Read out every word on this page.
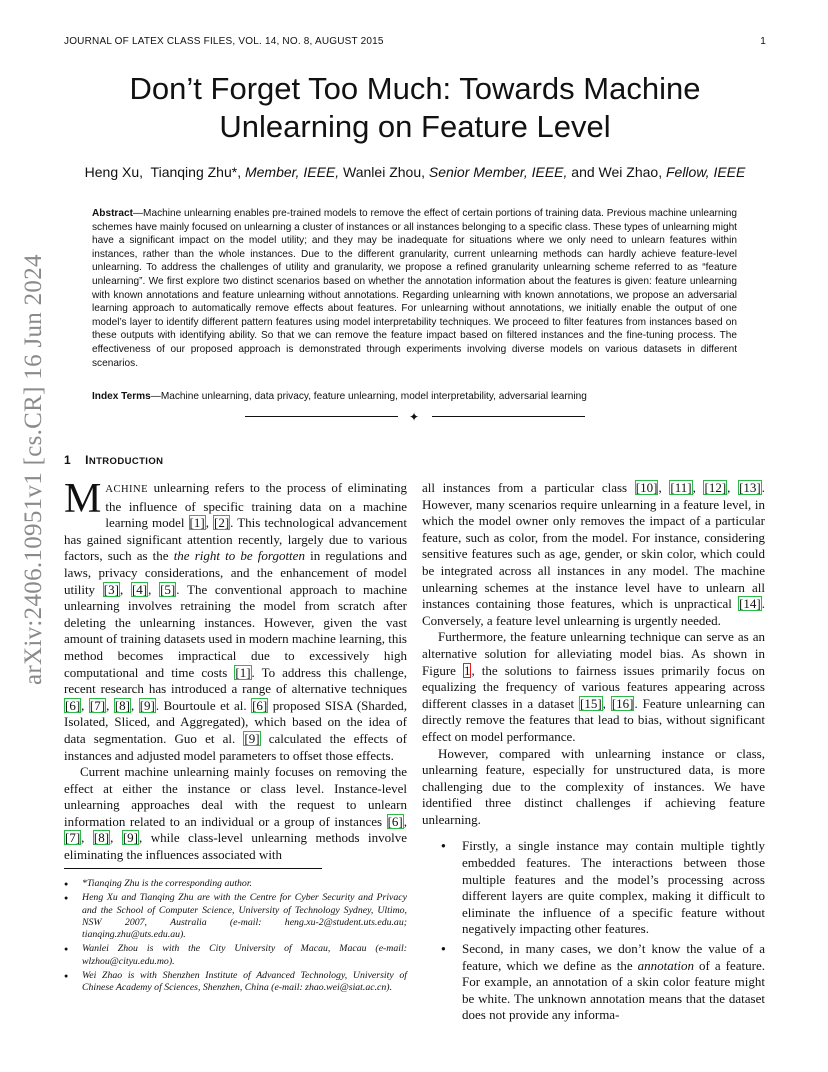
JOURNAL OF LATEX CLASS FILES, VOL. 14, NO. 8, AUGUST 2015	1
arXiv:2406.10951v1 [cs.CR] 16 Jun 2024
Don’t Forget Too Much: Towards Machine Unlearning on Feature Level
Heng Xu, Tianqing Zhu*, Member, IEEE, Wanlei Zhou, Senior Member, IEEE, and Wei Zhao, Fellow, IEEE

Abstract—Machine unlearning enables pre-trained models to remove the effect of certain portions of training data. Previous machine unlearning schemes have mainly focused on unlearning a cluster of instances or all instances belonging to a specific class. These types of unlearning might have a significant impact on the model utility; and they may be inadequate for situations where we only need to unlearn features within instances, rather than the whole instances. Due to the different granularity, current unlearning methods can hardly achieve feature-level unlearning. To address the challenges of utility and granularity, we propose a refined granularity unlearning scheme referred to as “feature unlearning”. We first explore two distinct scenarios based on whether the annotation information about the features is given: feature unlearning with known annotations and feature unlearning without annotations. Regarding unlearning with known annotations, we propose an adversarial learning approach to automatically remove effects about features. For unlearning without annotations, we initially enable the output of one model’s layer to identify different pattern features using model interpretability techniques. We proceed to filter features from instances based on these outputs with identifying ability. So that we can remove the feature impact based on filtered instances and the fine-tuning process. The effectiveness of our proposed approach is demonstrated through experiments involving diverse models on various datasets in different scenarios.

Index Terms—Machine unlearning, data privacy, feature unlearning, model interpretability, adversarial learning

✦
1 INTRODUCTION

MACHINE unlearning refers to the process of eliminating the influence of specific training data on a machine learning model [1], [2]. This technological advancement has gained significant attention recently, largely due to various factors, such as the the right to be forgotten in regulations and laws, privacy considerations, and the enhancement of model utility [3], [4], [5]. The conventional approach to machine unlearning involves retraining the model from scratch after deleting the unlearning instances. However, given the vast amount of training datasets used in modern machine learning, this method becomes impractical due to excessively high computational and time costs [1]. To address this challenge, recent research has introduced a range of alternative techniques [6], [7], [8], [9]. Bourtoule et al. [6] proposed SISA (Sharded, Isolated, Sliced, and Aggregated), which based on the idea of data segmentation. Guo et al. [9] calculated the effects of instances and adjusted model parameters to offset those effects.

Current machine unlearning mainly focuses on removing the effect at either the instance or class level. Instance-level unlearning approaches deal with the request to unlearn information related to an individual or a group of instances [6], [7], [8], [9], while class-level unlearning methods involve eliminating the influences associated with

● *Tianqing Zhu is the corresponding author.
● Heng Xu and Tianqing Zhu are with the Centre for Cyber Security and Privacy and the School of Computer Science, University of Technology Sydney, Ultimo, NSW 2007, Australia (e-mail: heng.xu-2@student.uts.edu.au; tianqing.zhu@uts.edu.au).
● Wanlei Zhou is with the City University of Macau, Macau (e-mail: wlzhou@cityu.edu.mo).
● Wei Zhao is with Shenzhen Institute of Advanced Technology, University of Chinese Academy of Sciences, Shenzhen, China (e-mail: zhao.wei@siat.ac.cn).

all instances from a particular class [10], [11], [12], [13]. However, many scenarios require unlearning in a feature level, in which the model owner only removes the impact of a particular feature, such as color, from the model. For instance, considering sensitive features such as age, gender, or skin color, which could be integrated across all instances in any model. The machine unlearning schemes at the instance level have to unlearn all instances containing those features, which is unpractical [14]. Conversely, a feature level unlearning is urgently needed.

Furthermore, the feature unlearning technique can serve as an alternative solution for alleviating model bias. As shown in Figure 1, the solutions to fairness issues primarily focus on equalizing the frequency of various features appearing across different classes in a dataset [15], [16]. Feature unlearning can directly remove the features that lead to bias, without significant effect on model performance.

However, compared with unlearning instance or class, unlearning feature, especially for unstructured data, is more challenging due to the complexity of instances. We have identified three distinct challenges if achieving feature unlearning.

● Firstly, a single instance may contain multiple tightly embedded features. The interactions between those multiple features and the model’s processing across different layers are quite complex, making it difficult to eliminate the influence of a specific feature without negatively impacting other features.
● Second, in many cases, we don’t know the value of a feature, which we define as the annotation of a feature. For example, an annotation of a skin color feature might be white. The unknown annotation means that the dataset does not provide any informa-
